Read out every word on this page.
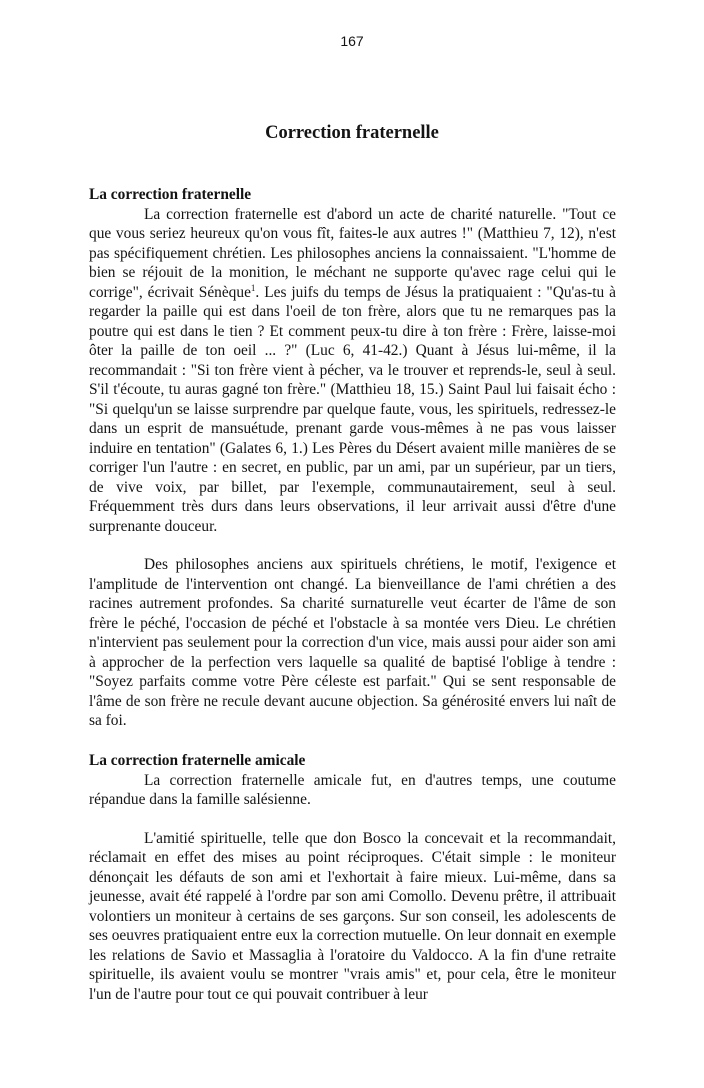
167
Correction fraternelle
La correction fraternelle

La correction fraternelle est d'abord un acte de charité naturelle. "Tout ce que vous seriez heureux qu'on vous fît, faites-le aux autres !" (Matthieu 7, 12), n'est pas spécifiquement chrétien. Les philosophes anciens la connaissaient. "L'homme de bien se réjouit de la monition, le méchant ne supporte qu'avec rage celui qui le corrige", écrivait Sénèque$^1$. Les juifs du temps de Jésus la pratiquaient : "Qu'as-tu à regarder la paille qui est dans l'oeil de ton frère, alors que tu ne remarques pas la poutre qui est dans le tien ? Et comment peux-tu dire à ton frère : Frère, laisse-moi ôter la paille de ton oeil ... ?" (Luc 6, 41-42.) Quant à Jésus lui-même, il la recommandait : "Si ton frère vient à pécher, va le trouver et reprends-le, seul à seul. S'il t'écoute, tu auras gagné ton frère." (Matthieu 18, 15.) Saint Paul lui faisait écho : "Si quelqu'un se laisse surprendre par quelque faute, vous, les spirituels, redressez-le dans un esprit de mansuétude, prenant garde vous-mêmes à ne pas vous laisser induire en tentation" (Galates 6, 1.) Les Pères du Désert avaient mille manières de se corriger l'un l'autre : en secret, en public, par un ami, par un supérieur, par un tiers, de vive voix, par billet, par l'exemple, communautairement, seul à seul. Fréquemment très durs dans leurs observations, il leur arrivait aussi d'être d'une surprenante douceur.

Des philosophes anciens aux spirituels chrétiens, le motif, l'exigence et l'amplitude de l'intervention ont changé. La bienveillance de l'ami chrétien a des racines autrement profondes. Sa charité surnaturelle veut écarter de l'âme de son frère le péché, l'occasion de péché et l'obstacle à sa montée vers Dieu. Le chrétien n'intervient pas seulement pour la correction d'un vice, mais aussi pour aider son ami à approcher de la perfection vers laquelle sa qualité de baptisé l'oblige à tendre : "Soyez parfaits comme votre Père céleste est parfait." Qui se sent responsable de l'âme de son frère ne recule devant aucune objection. Sa générosité envers lui naît de sa foi.

La correction fraternelle amicale

La correction fraternelle amicale fut, en d'autres temps, une coutume répandue dans la famille salésienne.

L'amitié spirituelle, telle que don Bosco la concevait et la recommandait, réclamait en effet des mises au point réciproques. C'était simple : le moniteur dénonçait les défauts de son ami et l'exhortait à faire mieux. Lui-même, dans sa jeunesse, avait été rappelé à l'ordre par son ami Comollo. Devenu prêtre, il attribuait volontiers un moniteur à certains de ses garçons. Sur son conseil, les adolescents de ses oeuvres pratiquaient entre eux la correction mutuelle. On leur donnait en exemple les relations de Savio et Massaglia à l'oratoire du Valdocco. A la fin d'une retraite spirituelle, ils avaient voulu se montrer "vrais amis" et, pour cela, être le moniteur l'un de l'autre pour tout ce qui pouvait contribuer à leur
